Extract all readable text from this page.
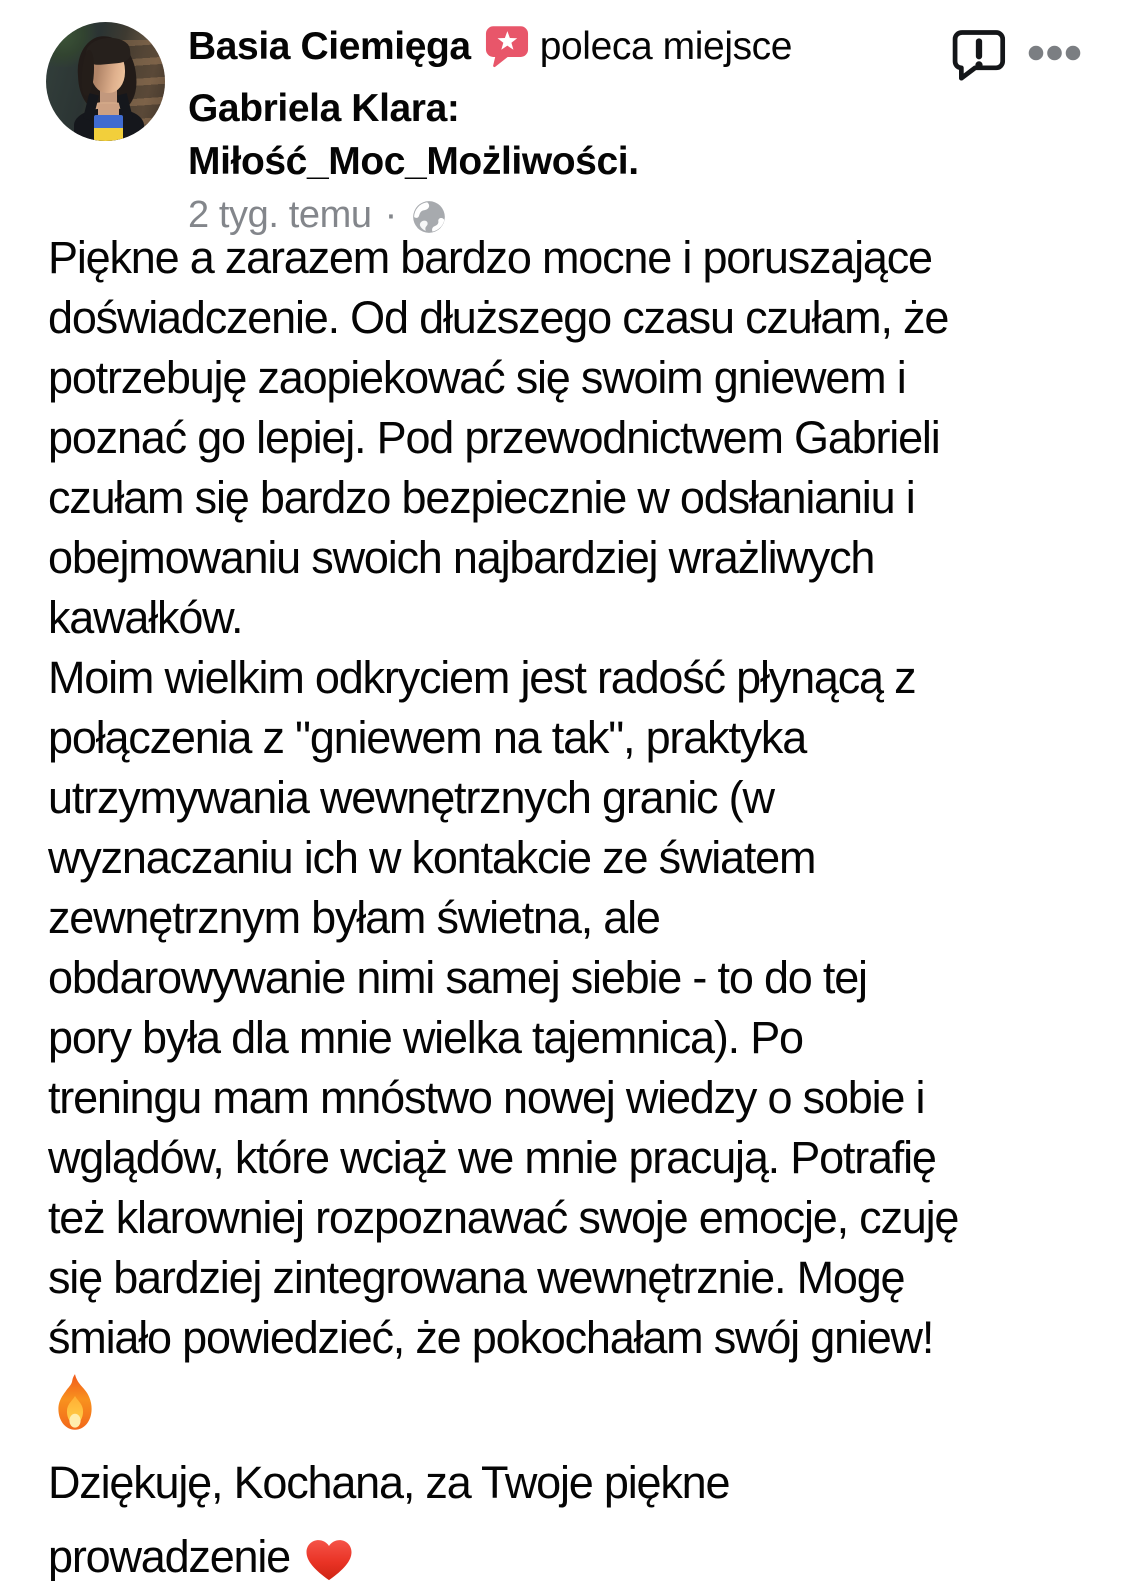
Basia Ciemięga poleca miejsce
Gabriela Klara:
Miłość_Moc_Możliwości.
2 tyg. temu ·
Piękne a zarazem bardzo mocne i poruszające
doświadczenie. Od dłuższego czasu czułam, że
potrzebuję zaopiekować się swoim gniewem i
poznać go lepiej. Pod przewodnictwem Gabrieli
czułam się bardzo bezpiecznie w odsłanianiu i
obejmowaniu swoich najbardziej wrażliwych
kawałków.
Moim wielkim odkryciem jest radość płynącą z
połączenia z "gniewem na tak", praktyka
utrzymywania wewnętrznych granic (w
wyznaczaniu ich w kontakcie ze światem
zewnętrznym byłam świetna, ale
obdarowywanie nimi samej siebie - to do tej
pory była dla mnie wielka tajemnica). Po
treningu mam mnóstwo nowej wiedzy o sobie i
wglądów, które wciąż we mnie pracują. Potrafię
też klarowniej rozpoznawać swoje emocje, czuję
się bardziej zintegrowana wewnętrznie. Mogę
śmiało powiedzieć, że pokochałam swój gniew!
Dziękuję, Kochana, za Twoje piękne
prowadzenie
